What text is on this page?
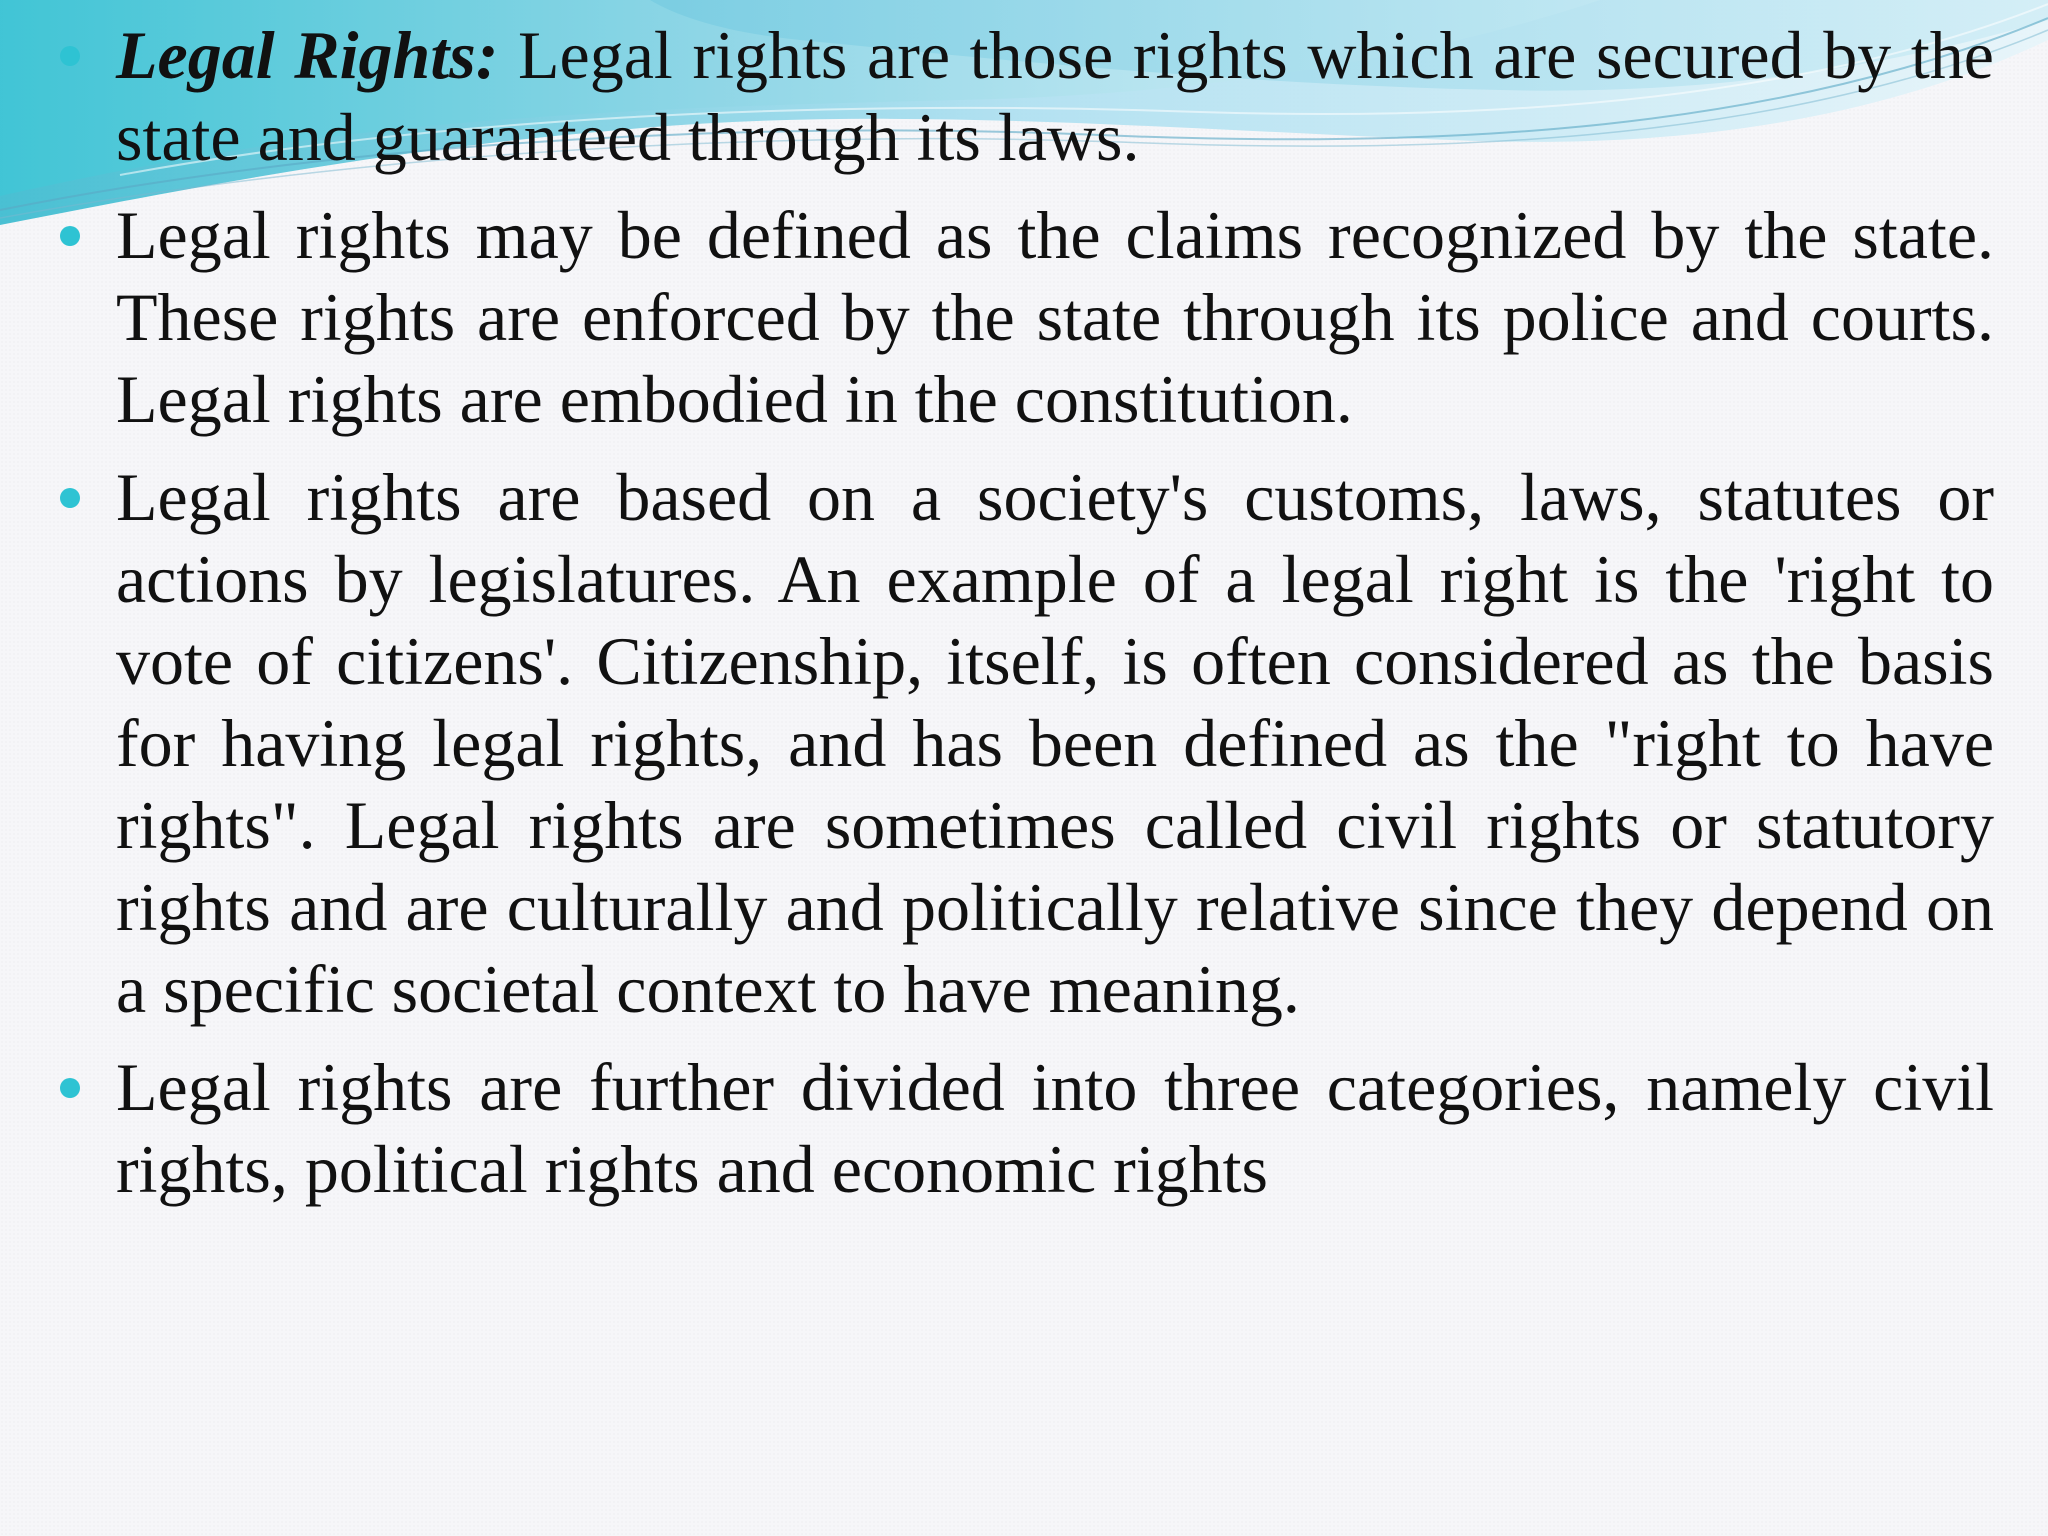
Legal Rights: Legal rights are those rights which are secured by the state and guaranteed through its laws.
Legal rights may be defined as the claims recognized by the state. These rights are enforced by the state through its police and courts. Legal rights are embodied in the constitution.
Legal rights are based on a society's customs, laws, statutes or actions by legislatures. An example of a legal right is the 'right to vote of citizens'. Citizenship, itself, is often considered as the basis for having legal rights, and has been defined as the "right to have rights". Legal rights are sometimes called civil rights or statutory rights and are culturally and politically relative since they depend on a specific societal context to have meaning.
Legal rights are further divided into three categories, namely civil rights, political rights and economic rights
